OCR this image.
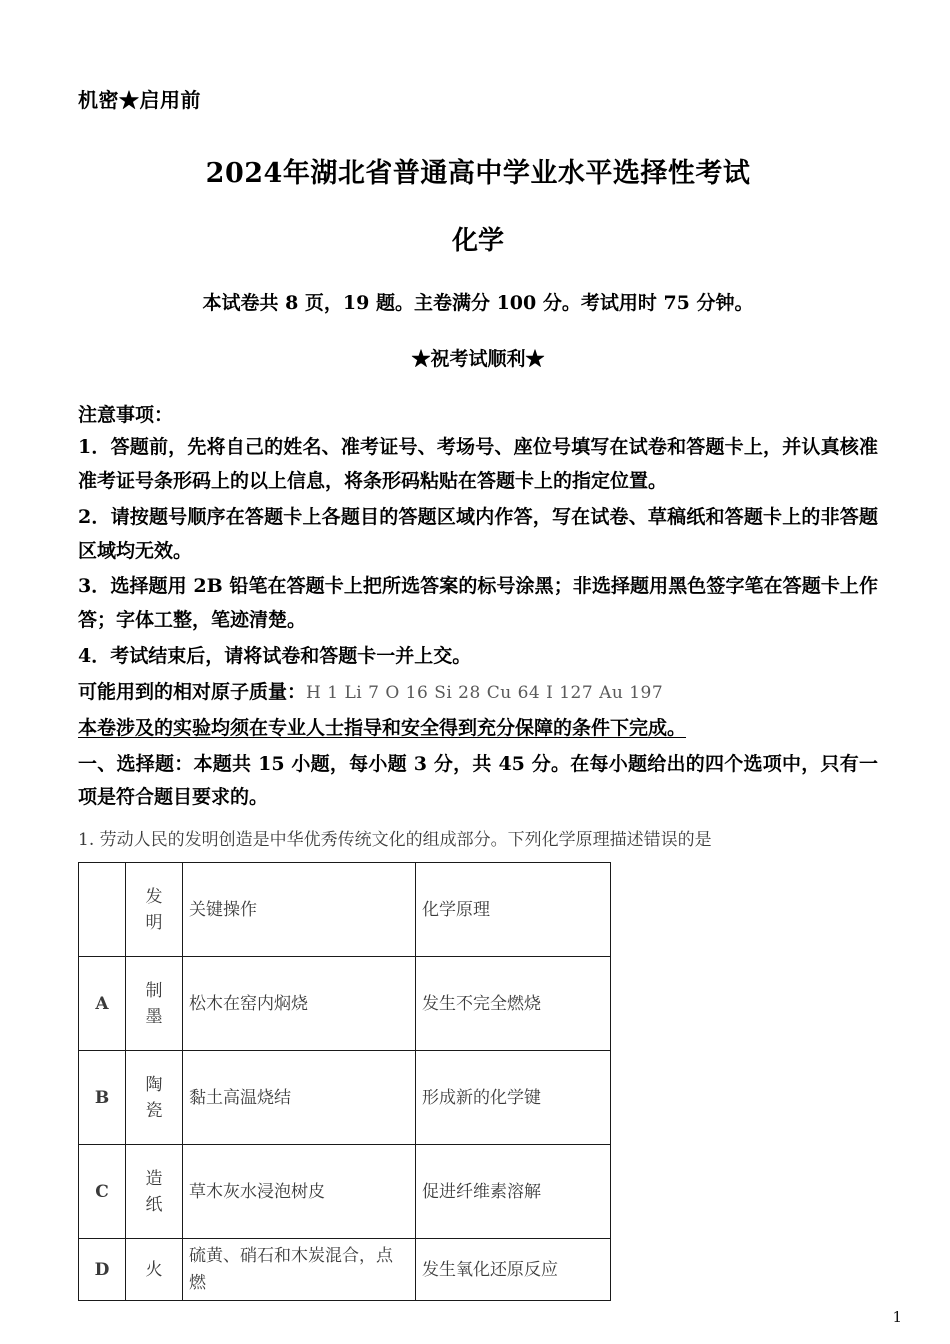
机密★启用前
2024年湖北省普通高中学业水平选择性考试
化学
本试卷共 8 页，19 题。主卷满分 100 分。考试用时 75 分钟。
★祝考试顺利★
注意事项：
1．答题前，先将自己的姓名、准考证号、考场号、座位号填写在试卷和答题卡上，并认真核准准考证号条形码上的以上信息，将条形码粘贴在答题卡上的指定位置。
2．请按题号顺序在答题卡上各题目的答题区域内作答，写在试卷、草稿纸和答题卡上的非答题区域均无效。
3．选择题用 2B 铅笔在答题卡上把所选答案的标号涂黑；非选择题用黑色签字笔在答题卡上作答；字体工整，笔迹清楚。
4．考试结束后，请将试卷和答题卡一并上交。
可能用到的相对原子质量：H 1 Li 7 O 16 Si 28 Cu 64 I 127 Au 197
本卷涉及的实验均须在专业人士指导和安全得到充分保障的条件下完成。
一、选择题：本题共 15 小题，每小题 3 分，共 45 分。在每小题给出的四个选项中，只有一项是符合题目要求的。
1. 劳动人民的发明创造是中华优秀传统文化的组成部分。下列化学原理描述错误的是
	发明	关键操作	化学原理
A	制墨	松木在窑内焖烧	发生不完全燃烧
B	陶瓷	黏土高温烧结	形成新的化学键
C	造纸	草木灰水浸泡树皮	促进纤维素溶解
D	火	硫黄、硝石和木炭混合，点燃	发生氧化还原反应
1
